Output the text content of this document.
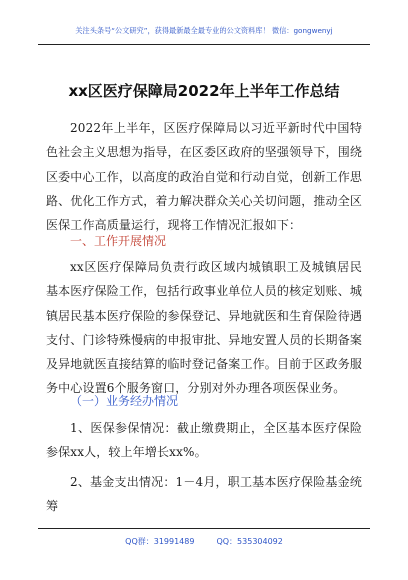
关注头条号“公文研究”，获得最新最全最专业的公文资料库！ 微信：gongwenyj
xx区医疗保障局2022年上半年工作总结
2022年上半年，区医疗保障局以习近平新时代中国特色社会主义思想为指导，在区委区政府的坚强领导下，围绕区委中心工作，以高度的政治自觉和行动自觉，创新工作思路、优化工作方式，着力解决群众关心关切问题，推动全区医保工作高质量运行，现将工作情况汇报如下：
一、工作开展情况
xx区医疗保障局负责行政区域内城镇职工及城镇居民基本医疗保险工作，包括行政事业单位人员的核定划账、城镇居民基本医疗保险的参保登记、异地就医和生育保险待遇支付、门诊特殊慢病的申报审批、异地安置人员的长期备案及异地就医直接结算的临时登记备案工作。目前于区政务服务中心设置6个服务窗口，分别对外办理各项医保业务。
（一）业务经办情况
1、医保参保情况：截止缴费期止，全区基本医疗保险参保xx人，较上年增长xx%。
2、基金支出情况：1－4月，职工基本医疗保险基金统筹
QQ群：31991489	QQ：535304092
